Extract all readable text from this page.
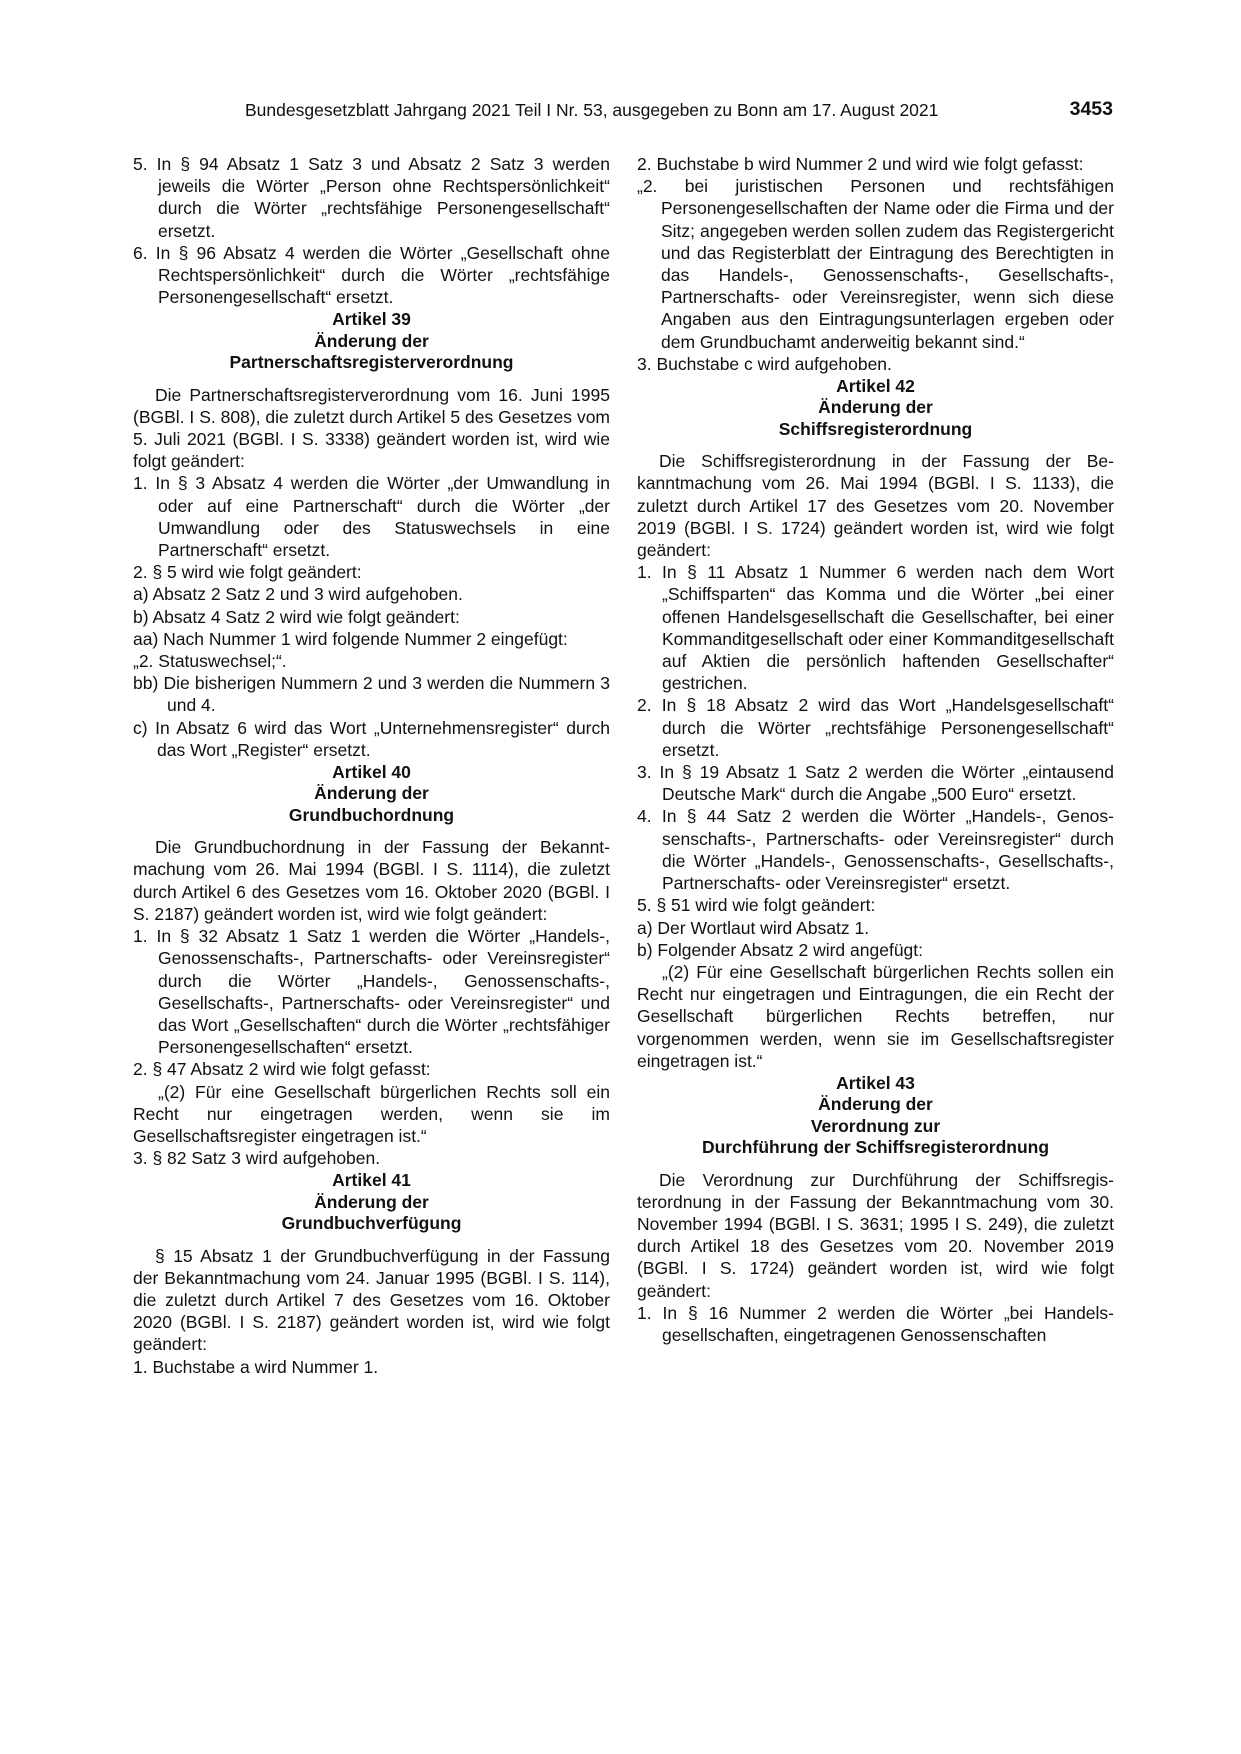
Bundesgesetzblatt Jahrgang 2021 Teil I Nr. 53, ausgegeben zu Bonn am 17. August 2021	3453

5. In § 94 Absatz 1 Satz 3 und Absatz 2 Satz 3 werden jeweils die Wörter „Person ohne Rechtspersönlichkeit“ durch die Wörter „rechtsfähige Personengesellschaft“ ersetzt.

6. In § 96 Absatz 4 werden die Wörter „Gesellschaft ohne Rechtspersönlichkeit“ durch die Wörter „rechtsfähige Personengesellschaft“ ersetzt.

Artikel 39

Änderung der
Partnerschaftsregisterverordnung

Die Partnerschaftsregisterverordnung vom 16. Juni 1995 (BGBl. I S. 808), die zuletzt durch Artikel 5 des Gesetzes vom 5. Juli 2021 (BGBl. I S. 3338) geändert worden ist, wird wie folgt geändert:

1. In § 3 Absatz 4 werden die Wörter „der Umwandlung in oder auf eine Partnerschaft“ durch die Wörter „der Umwandlung oder des Statuswechsels in eine Partnerschaft“ ersetzt.

2. § 5 wird wie folgt geändert:

a) Absatz 2 Satz 2 und 3 wird aufgehoben.

b) Absatz 4 Satz 2 wird wie folgt geändert:

aa) Nach Nummer 1 wird folgende Nummer 2 eingefügt:

„2. Statuswechsel;“.

bb) Die bisherigen Nummern 2 und 3 werden die Nummern 3 und 4.

c) In Absatz 6 wird das Wort „Unternehmensregister“ durch das Wort „Register“ ersetzt.

Artikel 40

Änderung der
Grundbuchordnung

Die Grundbuchordnung in der Fassung der Bekanntmachung vom 26. Mai 1994 (BGBl. I S. 1114), die zuletzt durch Artikel 6 des Gesetzes vom 16. Oktober 2020 (BGBl. I S. 2187) geändert worden ist, wird wie folgt geändert:

1. In § 32 Absatz 1 Satz 1 werden die Wörter „Handels-, Genossenschafts-, Partnerschafts- oder Vereinsregister“ durch die Wörter „Handels-, Genossenschafts-, Gesellschafts-, Partnerschafts- oder Vereinsregister“ und das Wort „Gesellschaften“ durch die Wörter „rechtsfähiger Personengesellschaften“ ersetzt.

2. § 47 Absatz 2 wird wie folgt gefasst:

„(2) Für eine Gesellschaft bürgerlichen Rechts soll ein Recht nur eingetragen werden, wenn sie im Gesellschaftsregister eingetragen ist.“

3. § 82 Satz 3 wird aufgehoben.

Artikel 41

Änderung der
Grundbuchverfügung

§ 15 Absatz 1 der Grundbuchverfügung in der Fassung der Bekanntmachung vom 24. Januar 1995 (BGBl. I S. 114), die zuletzt durch Artikel 7 des Gesetzes vom 16. Oktober 2020 (BGBl. I S. 2187) geändert worden ist, wird wie folgt geändert:

1. Buchstabe a wird Nummer 1.

2. Buchstabe b wird Nummer 2 und wird wie folgt gefasst:

„2. bei juristischen Personen und rechtsfähigen Personengesellschaften der Name oder die Firma und der Sitz; angegeben werden sollen zudem das Registergericht und das Registerblatt der Eintragung des Berechtigten in das Handels-, Genossenschafts-, Gesellschafts-, Partnerschafts- oder Vereinsregister, wenn sich diese Angaben aus den Eintragungsunterlagen ergeben oder dem Grundbuchamt anderweitig bekannt sind.“

3. Buchstabe c wird aufgehoben.

Artikel 42

Änderung der
Schiffsregisterordnung

Die Schiffsregisterordnung in der Fassung der Bekanntmachung vom 26. Mai 1994 (BGBl. I S. 1133), die zuletzt durch Artikel 17 des Gesetzes vom 20. November 2019 (BGBl. I S. 1724) geändert worden ist, wird wie folgt geändert:

1. In § 11 Absatz 1 Nummer 6 werden nach dem Wort „Schiffsparten“ das Komma und die Wörter „bei einer offenen Handelsgesellschaft die Gesellschafter, bei einer Kommanditgesellschaft oder einer Kommanditgesellschaft auf Aktien die persönlich haftenden Gesellschafter“ gestrichen.

2. In § 18 Absatz 2 wird das Wort „Handelsgesellschaft“ durch die Wörter „rechtsfähige Personengesellschaft“ ersetzt.

3. In § 19 Absatz 1 Satz 2 werden die Wörter „eintausend Deutsche Mark“ durch die Angabe „500 Euro“ ersetzt.

4. In § 44 Satz 2 werden die Wörter „Handels-, Genossenschafts-, Partnerschafts- oder Vereinsregister“ durch die Wörter „Handels-, Genossenschafts-, Gesellschafts-, Partnerschafts- oder Vereinsregister“ ersetzt.

5. § 51 wird wie folgt geändert:

a) Der Wortlaut wird Absatz 1.

b) Folgender Absatz 2 wird angefügt:

„(2) Für eine Gesellschaft bürgerlichen Rechts sollen ein Recht nur eingetragen und Eintragungen, die ein Recht der Gesellschaft bürgerlichen Rechts betreffen, nur vorgenommen werden, wenn sie im Gesellschaftsregister eingetragen ist.“

Artikel 43

Änderung der
Verordnung zur
Durchführung der Schiffsregisterordnung

Die Verordnung zur Durchführung der Schiffsregisterordnung in der Fassung der Bekanntmachung vom 30. November 1994 (BGBl. I S. 3631; 1995 I S. 249), die zuletzt durch Artikel 18 des Gesetzes vom 20. November 2019 (BGBl. I S. 1724) geändert worden ist, wird wie folgt geändert:

1. In § 16 Nummer 2 werden die Wörter „bei Handelsgesellschaften, eingetragenen Genossenschaften
